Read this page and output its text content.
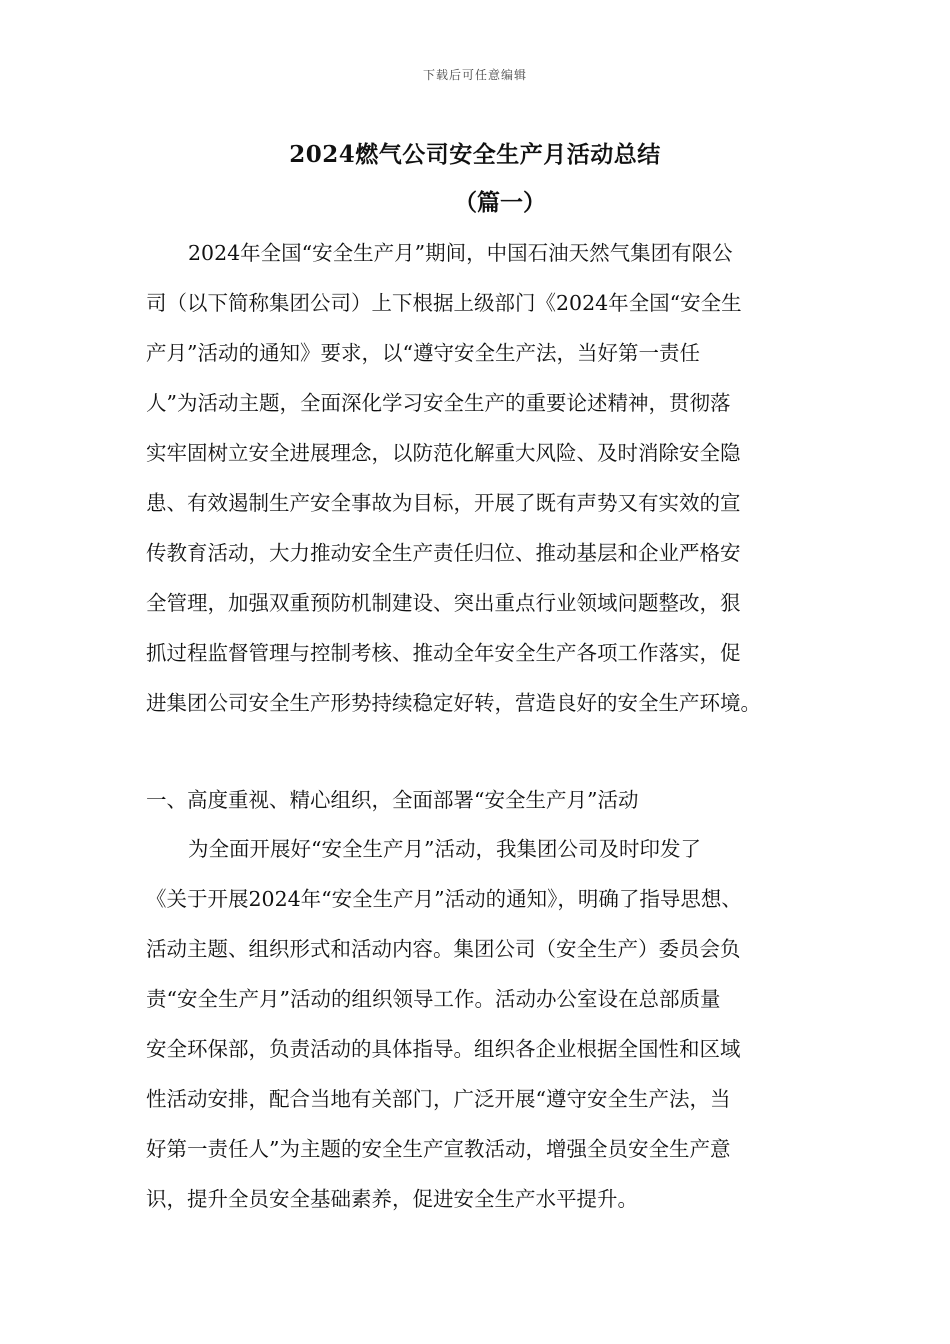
下载后可任意编辑
2024燃气公司安全生产月活动总结
（篇一）
2024年全国“安全生产月”期间，中国石油天然气集团有限公
司（以下简称集团公司）上下根据上级部门《2024年全国“安全生
产月”活动的通知》要求，以“遵守安全生产法，当好第一责任
人”为活动主题，全面深化学习安全生产的重要论述精神，贯彻落
实牢固树立安全进展理念，以防范化解重大风险、及时消除安全隐
患、有效遏制生产安全事故为目标，开展了既有声势又有实效的宣
传教育活动，大力推动安全生产责任归位、推动基层和企业严格安
全管理，加强双重预防机制建设、突出重点行业领域问题整改，狠
抓过程监督管理与控制考核、推动全年安全生产各项工作落实，促
进集团公司安全生产形势持续稳定好转，营造良好的安全生产环境。
一、高度重视、精心组织，全面部署“安全生产月”活动
为全面开展好“安全生产月”活动，我集团公司及时印发了
《关于开展2024年“安全生产月”活动的通知》，明确了指导思想、
活动主题、组织形式和活动内容。集团公司（安全生产）委员会负
责“安全生产月”活动的组织领导工作。活动办公室设在总部质量
安全环保部，负责活动的具体指导。组织各企业根据全国性和区域
性活动安排，配合当地有关部门，广泛开展“遵守安全生产法，当
好第一责任人”为主题的安全生产宣教活动，增强全员安全生产意
识，提升全员安全基础素养，促进安全生产水平提升。
